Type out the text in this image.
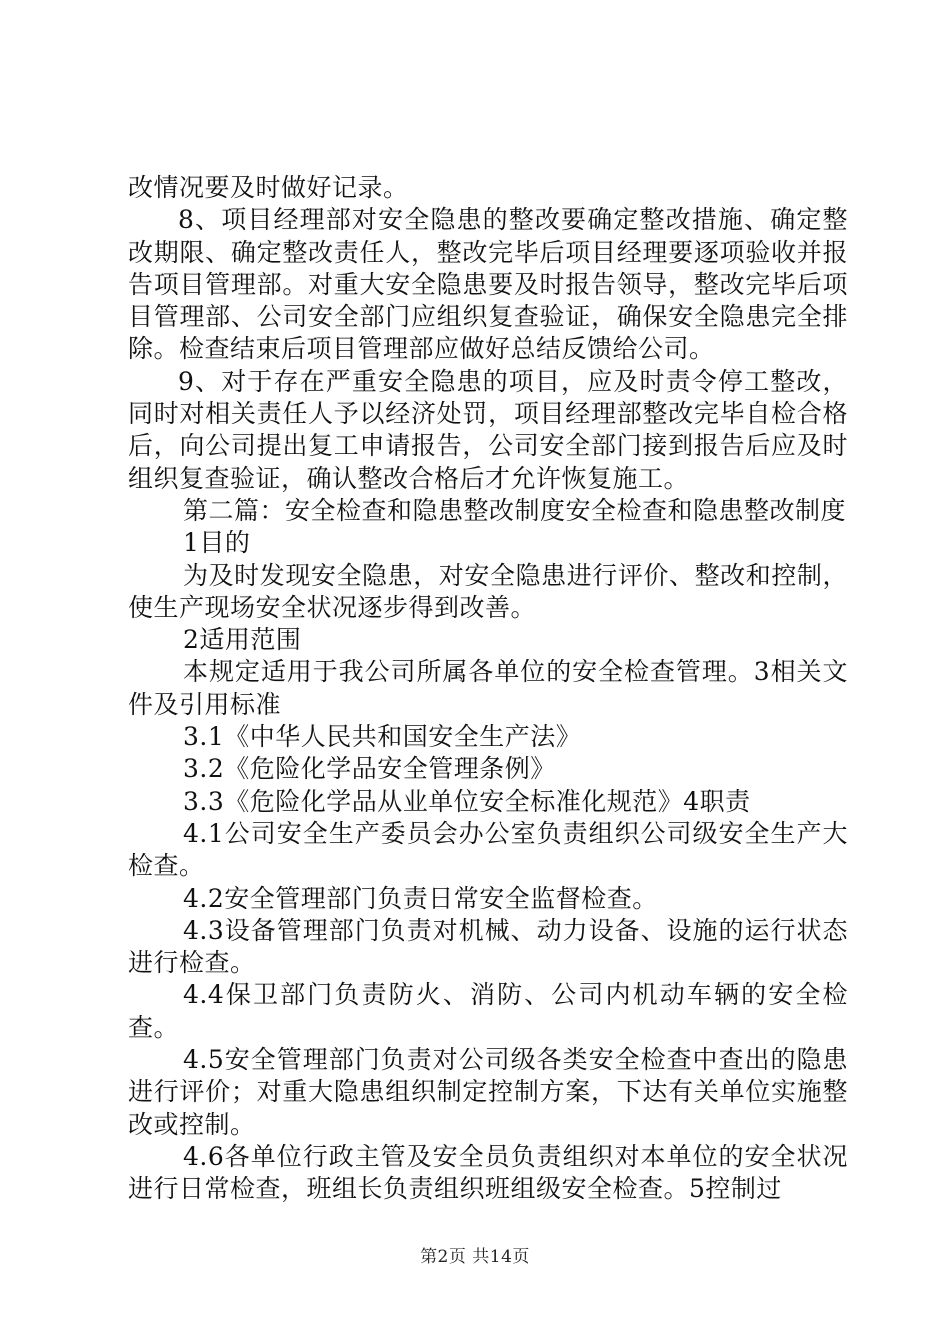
改情况要及时做好记录。

8、项目经理部对安全隐患的整改要确定整改措施、确定整改期限、确定整改责任人，整改完毕后项目经理要逐项验收并报告项目管理部。对重大安全隐患要及时报告领导，整改完毕后项目管理部、公司安全部门应组织复查验证，确保安全隐患完全排除。检查结束后项目管理部应做好总结反馈给公司。

9、对于存在严重安全隐患的项目，应及时责令停工整改，同时对相关责任人予以经济处罚，项目经理部整改完毕自检合格后，向公司提出复工申请报告，公司安全部门接到报告后应及时组织复查验证，确认整改合格后才允许恢复施工。

第二篇：安全检查和隐患整改制度安全检查和隐患整改制度

1目的

为及时发现安全隐患，对安全隐患进行评价、整改和控制，使生产现场安全状况逐步得到改善。

2适用范围

本规定适用于我公司所属各单位的安全检查管理。3相关文件及引用标准

3.1《中华人民共和国安全生产法》

3.2《危险化学品安全管理条例》

3.3《危险化学品从业单位安全标准化规范》4职责

4.1公司安全生产委员会办公室负责组织公司级安全生产大检查。

4.2安全管理部门负责日常安全监督检查。

4.3设备管理部门负责对机械、动力设备、设施的运行状态进行检查。

4.4保卫部门负责防火、消防、公司内机动车辆的安全检查。

4.5安全管理部门负责对公司级各类安全检查中查出的隐患进行评价；对重大隐患组织制定控制方案，下达有关单位实施整改或控制。

4.6各单位行政主管及安全员负责组织对本单位的安全状况进行日常检查，班组长负责组织班组级安全检查。5控制过

第2页 共14页
